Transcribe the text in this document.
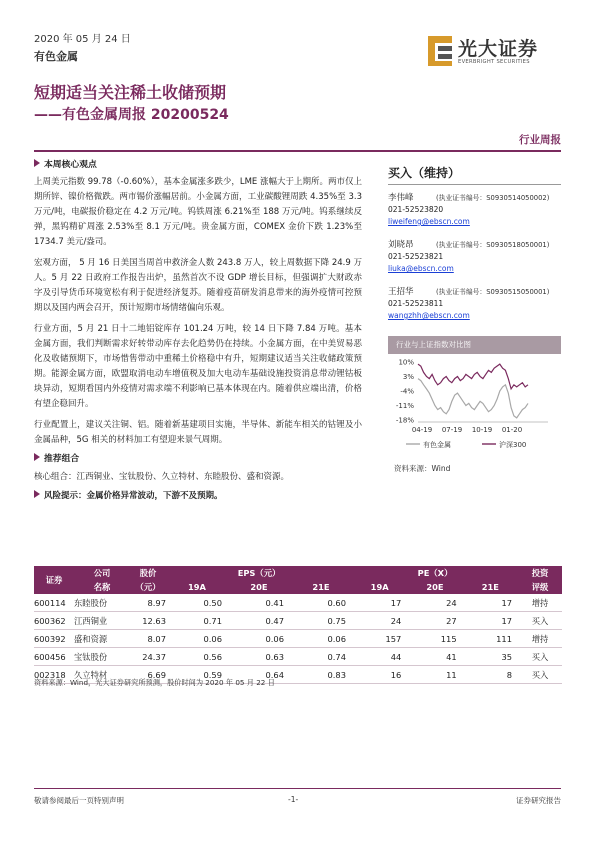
2020 年 05 月 24 日
有色金属	光大证券
EVERBRIGHT SECURITIES
短期适当关注稀土收储预期
——有色金属周报 20200524
行业周报
本周核心观点
上周美元指数 99.78（-0.60%），基本金属涨多跌少，LME 涨幅大于上期所。两市仅上期所锌、镍价格微跌。两市锡价涨幅居前。小金属方面，工业碳酸锂周跌 4.35%至 3.3 万元/吨，电碳报价稳定在 4.2 万元/吨。钨铁周涨 6.21%至 188 万元/吨。钨系继续反弹，黑钨精矿周涨 2.53%至 8.1 万元/吨。贵金属方面，COMEX 金价下跌 1.23%至 1734.7 美元/盎司。
宏观方面， 5 月 16 日美国当周首申救济金人数 243.8 万人，较上周数据下降 24.9 万人。5 月 22 日政府工作报告出炉，虽然首次不设 GDP 增长目标，但强调扩大财政赤字及引导货币环境宽松有利于促进经济复苏。随着疫苗研发消息带来的海外疫情可控预期以及国内两会召开，预计短期市场情绪偏向乐观。
行业方面，5 月 21 日十二地铝锭库存 101.24 万吨，较 14 日下降 7.84 万吨。基本金属方面，我们判断需求好转带动库存去化趋势仍在持续。小金属方面，在中美贸易恶化及收储预期下，市场惜售带动中重稀土价格稳中有升，短期建议适当关注收储政策预期。能源金属方面，欧盟取消电动车增值税及加大电动车基础设施投资消息带动锂钴板块异动，短期看国内外疫情对需求端不利影响已基本体现在内。随着供应端出清，价格有望企稳回升。
行业配置上，建议关注铜、铝。随着新基建项目实施，半导体、新能车相关的钴锂及小金属品种，5G 相关的材料加工有望迎来景气周期。
推荐组合
核心组合：江西铜业、宝钛股份、久立特材、东睦股份、盛和资源。
风险提示：金属价格异常波动，下游不及预期。
买入（维持）
李伟峰	(执业证书编号：S0930514050002)
021-52523820
liweifeng@ebscn.com
刘晓昂	(执业证书编号：S0930518050001)
021-52523821
liuka@ebscn.com
王招华	(执业证书编号：S0930515050001)
021-52523811
wangzhh@ebscn.com
行业与上证指数对比图
10%
3%
-4%
-11%
-18%
04-19 07-19 10-19 01-20
有色金属	沪深300
资料来源：Wind
证券	公司	股价	EPS（元）			PE（X）			投资
	名称	（元）	19A	20E	21E	19A	20E	21E	评级
600114	东睦股份	8.97	0.50	0.41	0.60	17	24	17	增持
600362	江西铜业	12.63	0.71	0.47	0.75	24	27	17	买入
600392	盛和资源	8.07	0.06	0.06	0.06	157	115	111	增持
600456	宝钛股份	24.37	0.56	0.63	0.74	44	41	35	买入
002318	久立特材	6.69	0.59	0.64	0.83	16	11	8	买入
资料来源：Wind，光大证券研究所预测，股价时间为 2020 年 05 月 22 日
敬请参阅最后一页特别声明	-1-	证券研究报告
